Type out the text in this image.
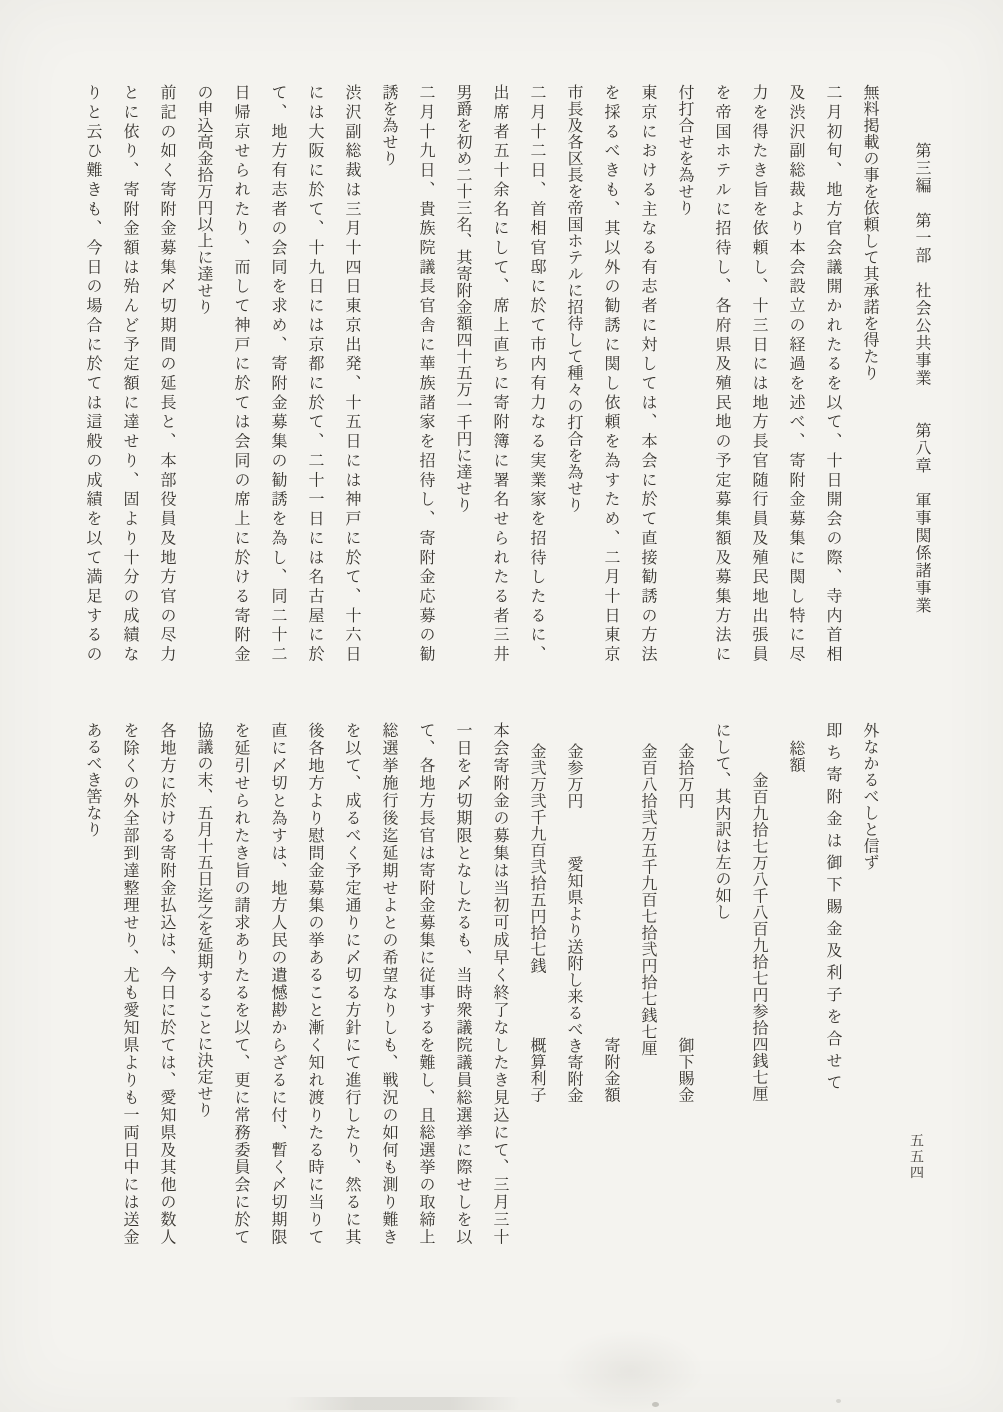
第三編　第一部　社会公共事業　　第八章　軍事関係諸事業
五五四
無料掲載の事を依頼して其承諾を得たり
二月初旬、地方官会議開かれたるを以て、十日開会の際、寺内首相
及渋沢副総裁より本会設立の経過を述べ、寄附金募集に関し特に尽
力を得たき旨を依頼し、十三日には地方長官随行員及殖民地出張員
を帝国ホテルに招待し、各府県及殖民地の予定募集額及募集方法に
付打合せを為せり
東京における主なる有志者に対しては、本会に於て直接勧誘の方法
を採るべきも、其以外の勧誘に関し依頼を為すため、二月十日東京
市長及各区長を帝国ホテルに招待して種々の打合を為せり
二月十二日、首相官邸に於て市内有力なる実業家を招待したるに、
出席者五十余名にして、席上直ちに寄附簿に署名せられたる者三井
男爵を初め二十三名、其寄附金額四十五万一千円に達せり
二月十九日、貴族院議長官舎に華族諸家を招待し、寄附金応募の勧
誘を為せり
渋沢副総裁は三月十四日東京出発、十五日には神戸に於て、十六日
には大阪に於て、十九日には京都に於て、二十一日には名古屋に於
て、地方有志者の会同を求め、寄附金募集の勧誘を為し、同二十二
日帰京せられたり、而して神戸に於ては会同の席上に於ける寄附金
の申込高金拾万円以上に達せり
前記の如く寄附金募集〆切期間の延長と、本部役員及地方官の尽力
とに依り、寄附金額は殆んど予定額に達せり、固より十分の成績な
りと云ひ難きも、今日の場合に於ては這般の成績を以て満足するの
外なかるべしと信ず
即ち寄附金は御下賜金及利子を合せて
総額
金百九拾七万八千八百九拾七円参拾四銭七厘
にして、其内訳は左の如し
金拾万円
御下賜金
金百八拾弐万五千九百七拾弐円拾七銭七厘
寄附金額
金参万円
愛知県より送附し来るべき寄附金
金弐万弐千九百弐拾五円拾七銭
概算利子
本会寄附金の募集は当初可成早く終了なしたき見込にて、三月三十
一日を〆切期限となしたるも、当時衆議院議員総選挙に際せしを以
て、各地方長官は寄附金募集に従事するを難し、且総選挙の取締上
総選挙施行後迄延期せよとの希望なりしも、戦況の如何も測り難き
を以て、成るべく予定通りに〆切る方針にて進行したり、然るに其
後各地方より慰問金募集の挙あること漸く知れ渡りたる時に当りて
直に〆切と為すは、地方人民の遺憾尠からざるに付、暫く〆切期限
を延引せられたき旨の請求ありたるを以て、更に常務委員会に於て
協議の末、五月十五日迄之を延期することに決定せり
各地方に於ける寄附金払込は、今日に於ては、愛知県及其他の数人
を除くの外全部到達整理せり、尤も愛知県よりも一両日中には送金
あるべき筈なり
